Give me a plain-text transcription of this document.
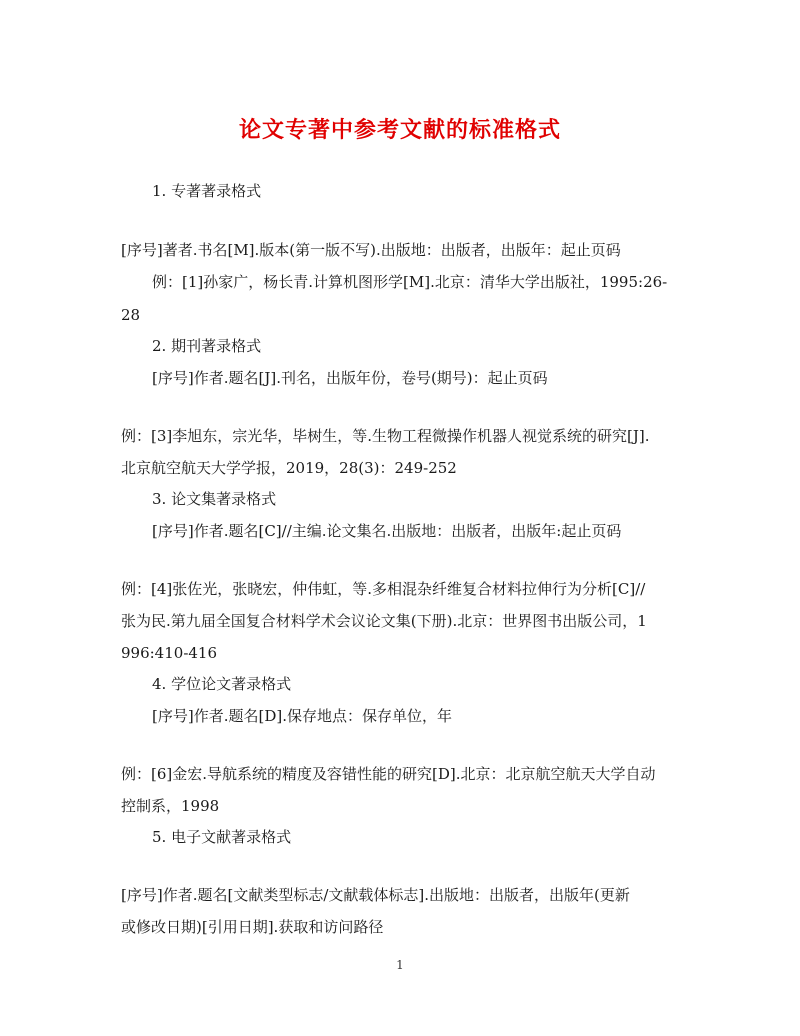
论文专著中参考文献的标准格式
1. 专著著录格式
[序号]著者.书名[M].版本(第一版不写).出版地：出版者，出版年：起止页码
例：[1]孙家广，杨长青.计算机图形学[M].北京：清华大学出版社，1995:26-
28
2. 期刊著录格式
[序号]作者.题名[J].刊名，出版年份，卷号(期号)：起止页码
例：[3]李旭东，宗光华，毕树生，等.生物工程微操作机器人视觉系统的研究[J].
北京航空航天大学学报，2019，28(3)：249-252
3. 论文集著录格式
[序号]作者.题名[C]//主编.论文集名.出版地：出版者，出版年:起止页码
例：[4]张佐光，张晓宏，仲伟虹，等.多相混杂纤维复合材料拉伸行为分析[C]//
张为民.第九届全国复合材料学术会议论文集(下册).北京：世界图书出版公司，1
996:410-416
4. 学位论文著录格式
[序号]作者.题名[D].保存地点：保存单位，年
例：[6]金宏.导航系统的精度及容错性能的研究[D].北京：北京航空航天大学自动
控制系，1998
5. 电子文献著录格式
[序号]作者.题名[文献类型标志/文献载体标志].出版地：出版者，出版年(更新
或修改日期)[引用日期].获取和访问路径
1
